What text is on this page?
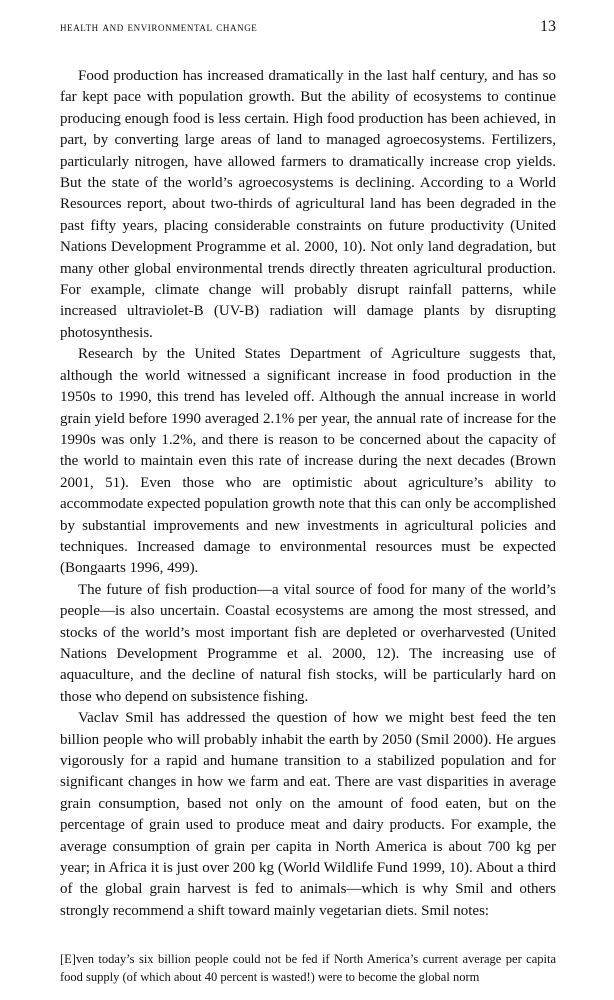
health and environmental change	13

Food production has increased dramatically in the last half century, and has so far kept pace with population growth. But the ability of ecosystems to continue producing enough food is less certain. High food production has been achieved, in part, by converting large areas of land to managed agroecosystems. Fertilizers, particularly nitrogen, have allowed farmers to dramatically increase crop yields. But the state of the world’s agroecosystems is declining. According to a World Resources report, about two-thirds of agricultural land has been degraded in the past fifty years, placing considerable constraints on future productivity (United Nations Development Programme et al. 2000, 10). Not only land degradation, but many other global environmental trends directly threaten agricultural production. For example, climate change will probably disrupt rainfall patterns, while increased ultraviolet-B (UV-B) radiation will damage plants by disrupting photosynthesis.

Research by the United States Department of Agriculture suggests that, although the world witnessed a significant increase in food production in the 1950s to 1990, this trend has leveled off. Although the annual increase in world grain yield before 1990 averaged 2.1% per year, the annual rate of increase for the 1990s was only 1.2%, and there is reason to be concerned about the capacity of the world to maintain even this rate of increase during the next decades (Brown 2001, 51). Even those who are optimistic about agriculture’s ability to accommodate expected population growth note that this can only be accomplished by substantial improvements and new investments in agricultural policies and techniques. Increased damage to environmental resources must be expected (Bongaarts 1996, 499).

The future of fish production—a vital source of food for many of the world’s people—is also uncertain. Coastal ecosystems are among the most stressed, and stocks of the world’s most important fish are depleted or overharvested (United Nations Development Programme et al. 2000, 12). The increasing use of aquaculture, and the decline of natural fish stocks, will be particularly hard on those who depend on subsistence fishing.

Vaclav Smil has addressed the question of how we might best feed the ten billion people who will probably inhabit the earth by 2050 (Smil 2000). He argues vigorously for a rapid and humane transition to a stabilized population and for significant changes in how we farm and eat. There are vast disparities in average grain consumption, based not only on the amount of food eaten, but on the percentage of grain used to produce meat and dairy products. For example, the average consumption of grain per capita in North America is about 700 kg per year; in Africa it is just over 200 kg (World Wildlife Fund 1999, 10). About a third of the global grain harvest is fed to animals—which is why Smil and others strongly recommend a shift toward mainly vegetarian diets. Smil notes:

[E]ven today’s six billion people could not be fed if North America’s current average per capita food supply (of which about 40 percent is wasted!) were to become the global norm
